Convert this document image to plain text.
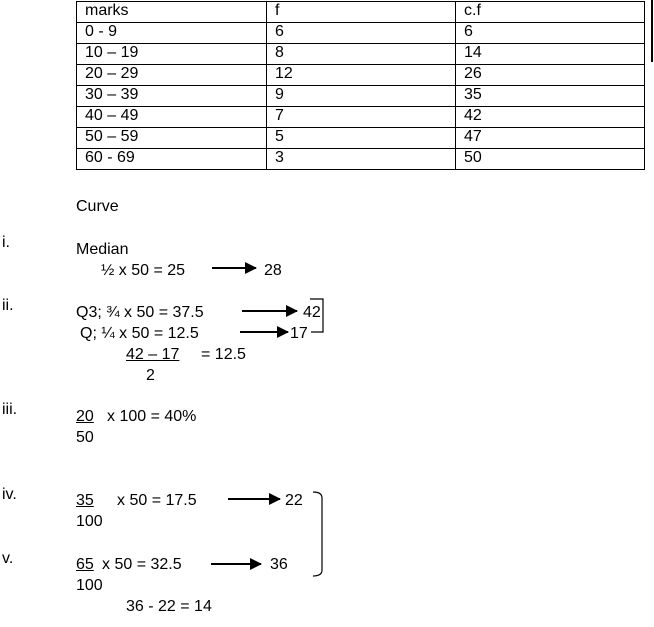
marks	f	c.f
0 - 9	6	6
10 – 19	8	14
20 – 29	12	26
30 – 39	9	35
40 – 49	7	42
50 – 59	5	47
60 - 69	3	50
Curve
i.	Median
½ x 50 = 25	28
ii.	Q3; ¾ x 50 = 37.5	42
Q; ¼ x 50 = 12.5	17
42 – 17 = 12.5
2
iii.	20 x 100 = 40%
50
iv.	35 x 50 = 17.5	22
100
v.	65 x 50 = 32.5	36
100
36 - 22 = 14
